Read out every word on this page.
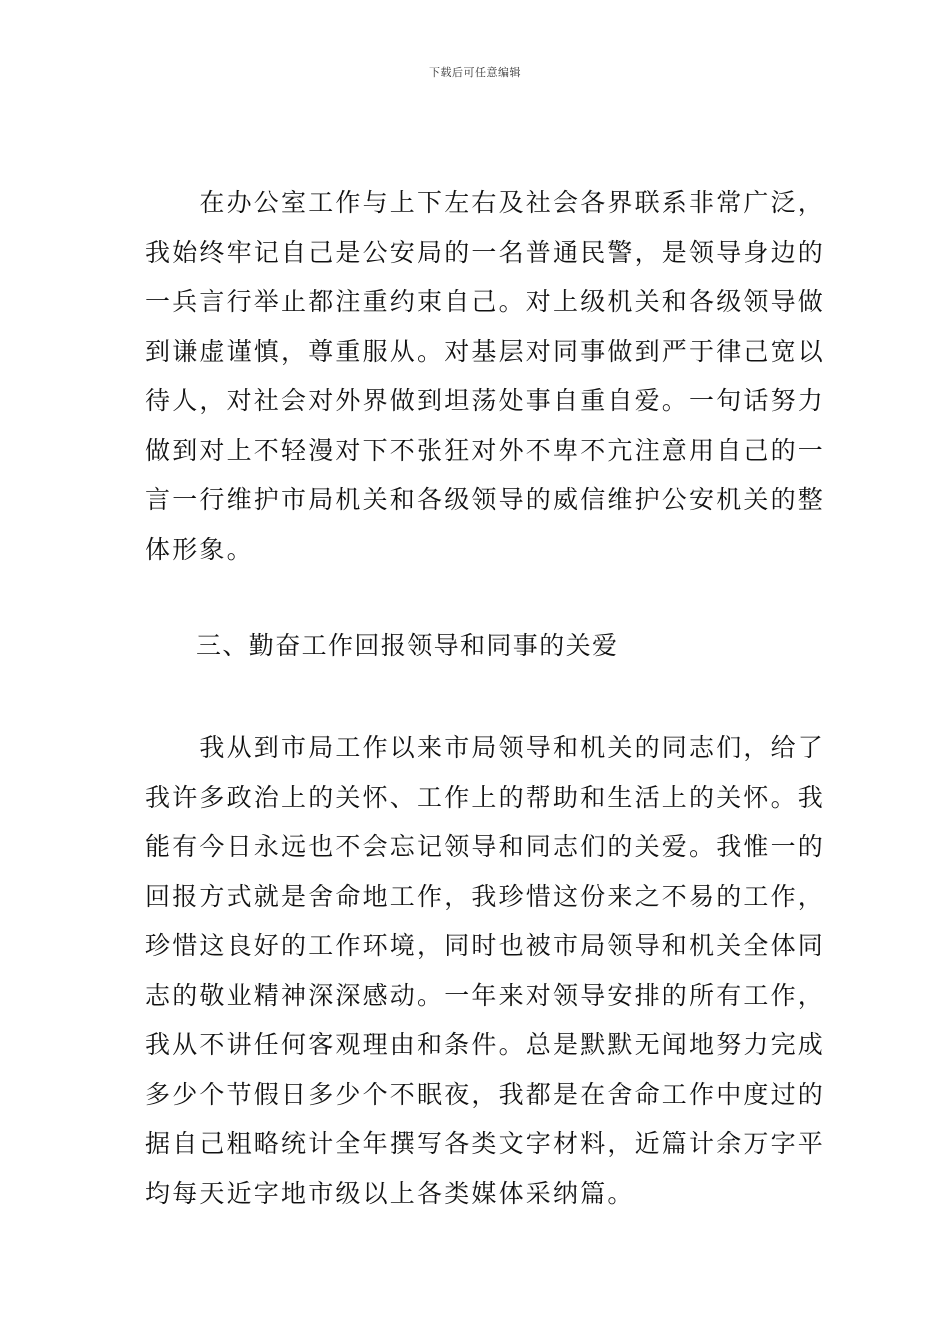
下载后可任意编辑
　　在办公室工作与上下左右及社会各界联系非常广泛，
我始终牢记自己是公安局的一名普通民警，是领导身边的
一兵言行举止都注重约束自己。对上级机关和各级领导做
到谦虚谨慎，尊重服从。对基层对同事做到严于律己宽以
待人，对社会对外界做到坦荡处事自重自爱。一句话努力
做到对上不轻漫对下不张狂对外不卑不亢注意用自己的一
言一行维护市局机关和各级领导的威信维护公安机关的整
体形象。
三、勤奋工作回报领导和同事的关爱
　　我从到市局工作以来市局领导和机关的同志们，给了
我许多政治上的关怀、工作上的帮助和生活上的关怀。我
能有今日永远也不会忘记领导和同志们的关爱。我惟一的
回报方式就是舍命地工作，我珍惜这份来之不易的工作，
珍惜这良好的工作环境，同时也被市局领导和机关全体同
志的敬业精神深深感动。一年来对领导安排的所有工作，
我从不讲任何客观理由和条件。总是默默无闻地努力完成
多少个节假日多少个不眠夜，我都是在舍命工作中度过的
据自己粗略统计全年撰写各类文字材料，近篇计余万字平
均每天近字地市级以上各类媒体采纳篇。
